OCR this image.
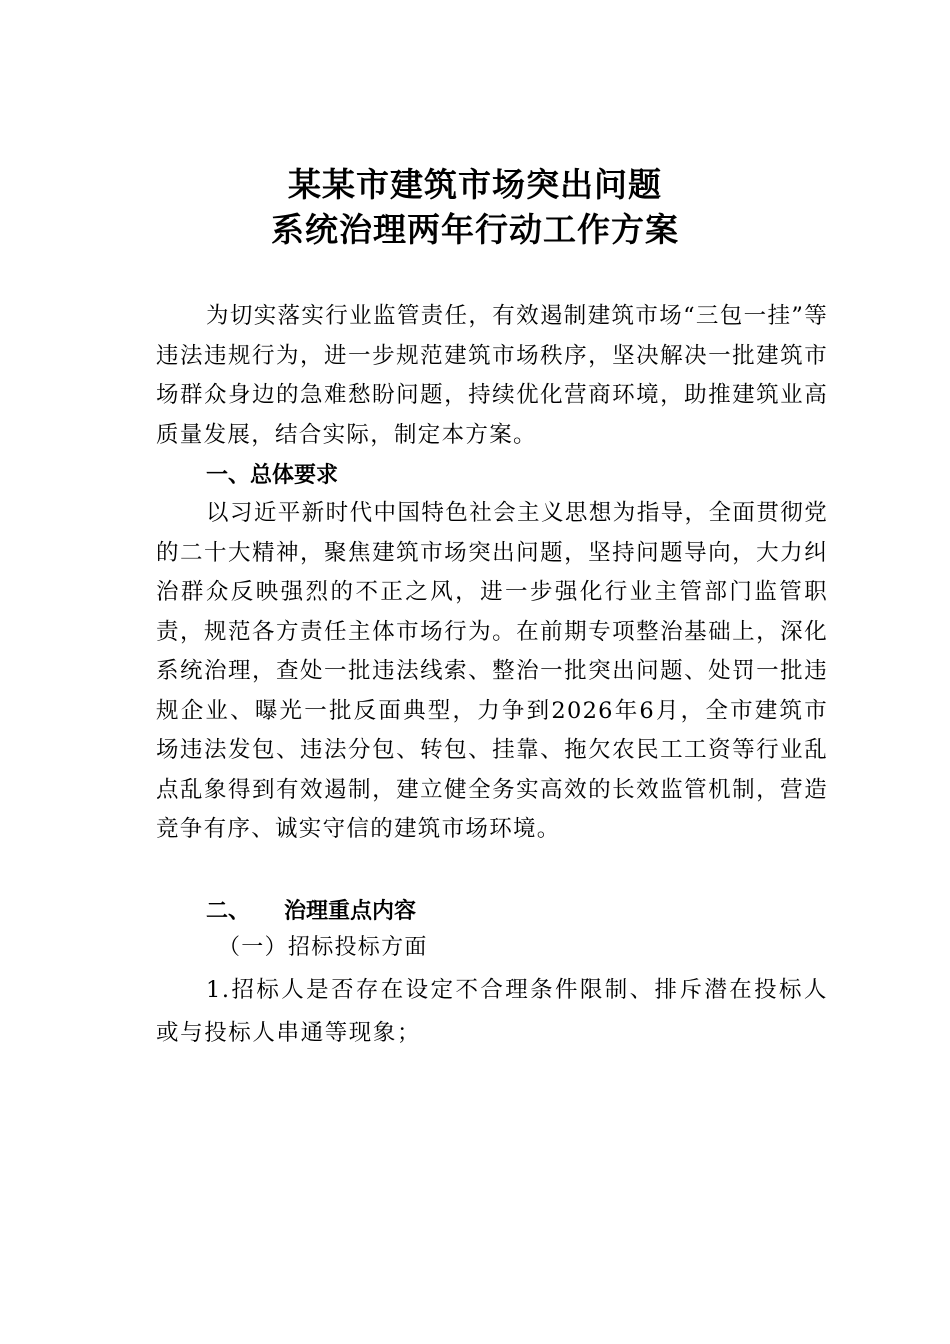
某某市建筑市场突出问题
系统治理两年行动工作方案
为切实落实行业监管责任，有效遏制建筑市场“三包一挂”等违法违规行为，进一步规范建筑市场秩序，坚决解决一批建筑市场群众身边的急难愁盼问题，持续优化营商环境，助推建筑业高质量发展，结合实际，制定本方案。
一、总体要求
以习近平新时代中国特色社会主义思想为指导，全面贯彻党的二十大精神，聚焦建筑市场突出问题，坚持问题导向，大力纠治群众反映强烈的不正之风，进一步强化行业主管部门监管职责，规范各方责任主体市场行为。在前期专项整治基础上，深化系统治理，查处一批违法线索、整治一批突出问题、处罚一批违规企业、曝光一批反面典型，力争到2026年6月，全市建筑市场违法发包、违法分包、转包、挂靠、拖欠农民工工资等行业乱点乱象得到有效遏制，建立健全务实高效的长效监管机制，营造竞争有序、诚实守信的建筑市场环境。
二、 治理重点内容
（一）招标投标方面
1.招标人是否存在设定不合理条件限制、排斥潜在投标人或与投标人串通等现象；
